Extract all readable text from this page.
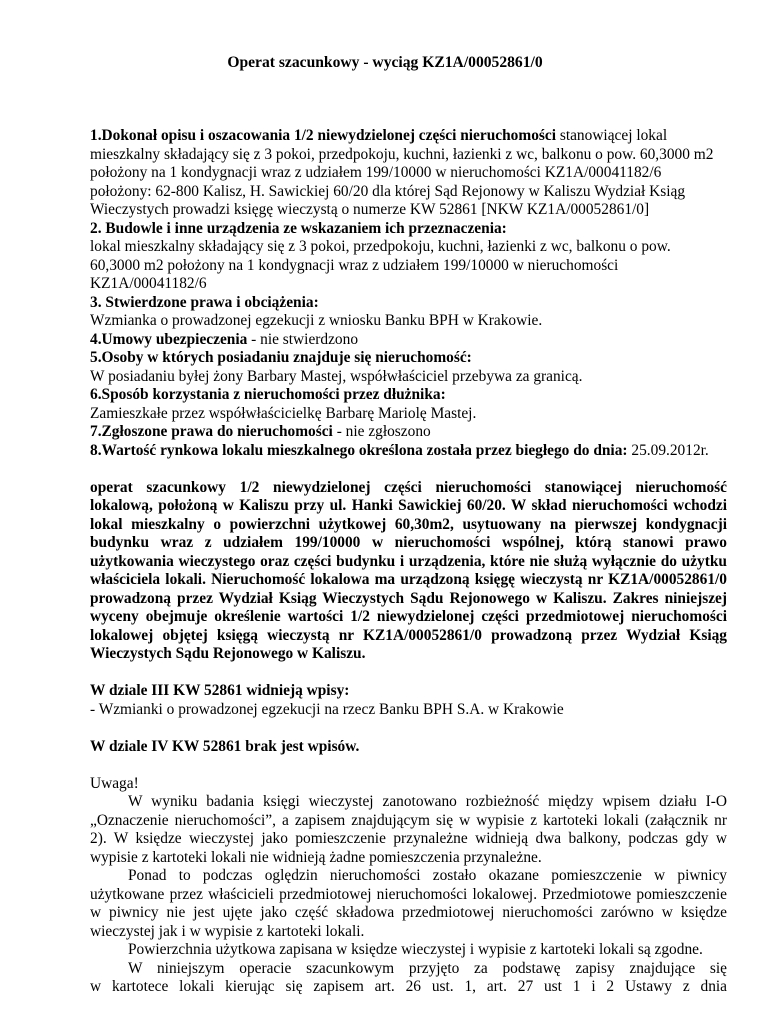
Operat szacunkowy - wyciąg KZ1A/00052861/0
1.Dokonał opisu i oszacowania 1/2 niewydzielonej części nieruchomości stanowiącej lokal
mieszkalny składający się z 3 pokoi, przedpokoju, kuchni, łazienki z wc, balkonu o pow. 60,3000 m2
położony na 1 kondygnacji wraz z udziałem 199/10000 w nieruchomości KZ1A/00041182/6
położony: 62-800 Kalisz, H. Sawickiej 60/20 dla której Sąd Rejonowy w Kaliszu Wydział Ksiąg
Wieczystych prowadzi księgę wieczystą o numerze KW 52861 [NKW KZ1A/00052861/0]
2. Budowle i inne urządzenia ze wskazaniem ich przeznaczenia:
lokal mieszkalny składający się z 3 pokoi, przedpokoju, kuchni, łazienki z wc, balkonu o pow.
60,3000 m2 położony na 1 kondygnacji wraz z udziałem 199/10000 w nieruchomości
KZ1A/00041182/6
3. Stwierdzone prawa i obciążenia:
Wzmianka o prowadzonej egzekucji z wniosku Banku BPH w Krakowie.
4.Umowy ubezpieczenia - nie stwierdzono
5.Osoby w których posiadaniu znajduje się nieruchomość:
W posiadaniu byłej żony Barbary Mastej, współwłaściciel przebywa za granicą.
6.Sposób korzystania z nieruchomości przez dłużnika:
Zamieszkałe przez współwłaścicielkę Barbarę Mariolę Mastej.
7.Zgłoszone prawa do nieruchomości - nie zgłoszono
8.Wartość rynkowa lokalu mieszkalnego określona została przez biegłego do dnia: 25.09.2012r.
operat szacunkowy 1/2 niewydzielonej części nieruchomości stanowiącej nieruchomość
lokalową, położoną w Kaliszu przy ul. Hanki Sawickiej 60/20. W skład nieruchomości wchodzi
lokal mieszkalny o powierzchni użytkowej 60,30m2, usytuowany na pierwszej kondygnacji
budynku wraz z udziałem 199/10000 w nieruchomości wspólnej, którą stanowi prawo
użytkowania wieczystego oraz części budynku i urządzenia, które nie służą wyłącznie do użytku
właściciela lokali. Nieruchomość lokalowa ma urządzoną księgę wieczystą nr KZ1A/00052861/0
prowadzoną przez Wydział Ksiąg Wieczystych Sądu Rejonowego w Kaliszu. Zakres niniejszej
wyceny obejmuje określenie wartości 1/2 niewydzielonej części przedmiotowej nieruchomości
lokalowej objętej księgą wieczystą nr KZ1A/00052861/0 prowadzoną przez Wydział Ksiąg
Wieczystych Sądu Rejonowego w Kaliszu.
W dziale III KW 52861 widnieją wpisy:
- Wzmianki o prowadzonej egzekucji na rzecz Banku BPH S.A. w Krakowie
W dziale IV KW 52861 brak jest wpisów.
Uwaga!
W wyniku badania księgi wieczystej zanotowano rozbieżność między wpisem działu I-O
„Oznaczenie nieruchomości”, a zapisem znajdującym się w wypisie z kartoteki lokali (załącznik nr
2). W księdze wieczystej jako pomieszczenie przynależne widnieją dwa balkony, podczas gdy w
wypisie z kartoteki lokali nie widnieją żadne pomieszczenia przynależne.
Ponad to podczas oględzin nieruchomości zostało okazane pomieszczenie w piwnicy
użytkowane przez właścicieli przedmiotowej nieruchomości lokalowej. Przedmiotowe pomieszczenie
w piwnicy nie jest ujęte jako część składowa przedmiotowej nieruchomości zarówno w księdze
wieczystej jak i w wypisie z kartoteki lokali.
Powierzchnia użytkowa zapisana w księdze wieczystej i wypisie z kartoteki lokali są zgodne.
W niniejszym operacie szacunkowym przyjęto za podstawę zapisy znajdujące się
w kartotece lokali kierując się zapisem art. 26 ust. 1, art. 27 ust 1 i 2 Ustawy z dnia
